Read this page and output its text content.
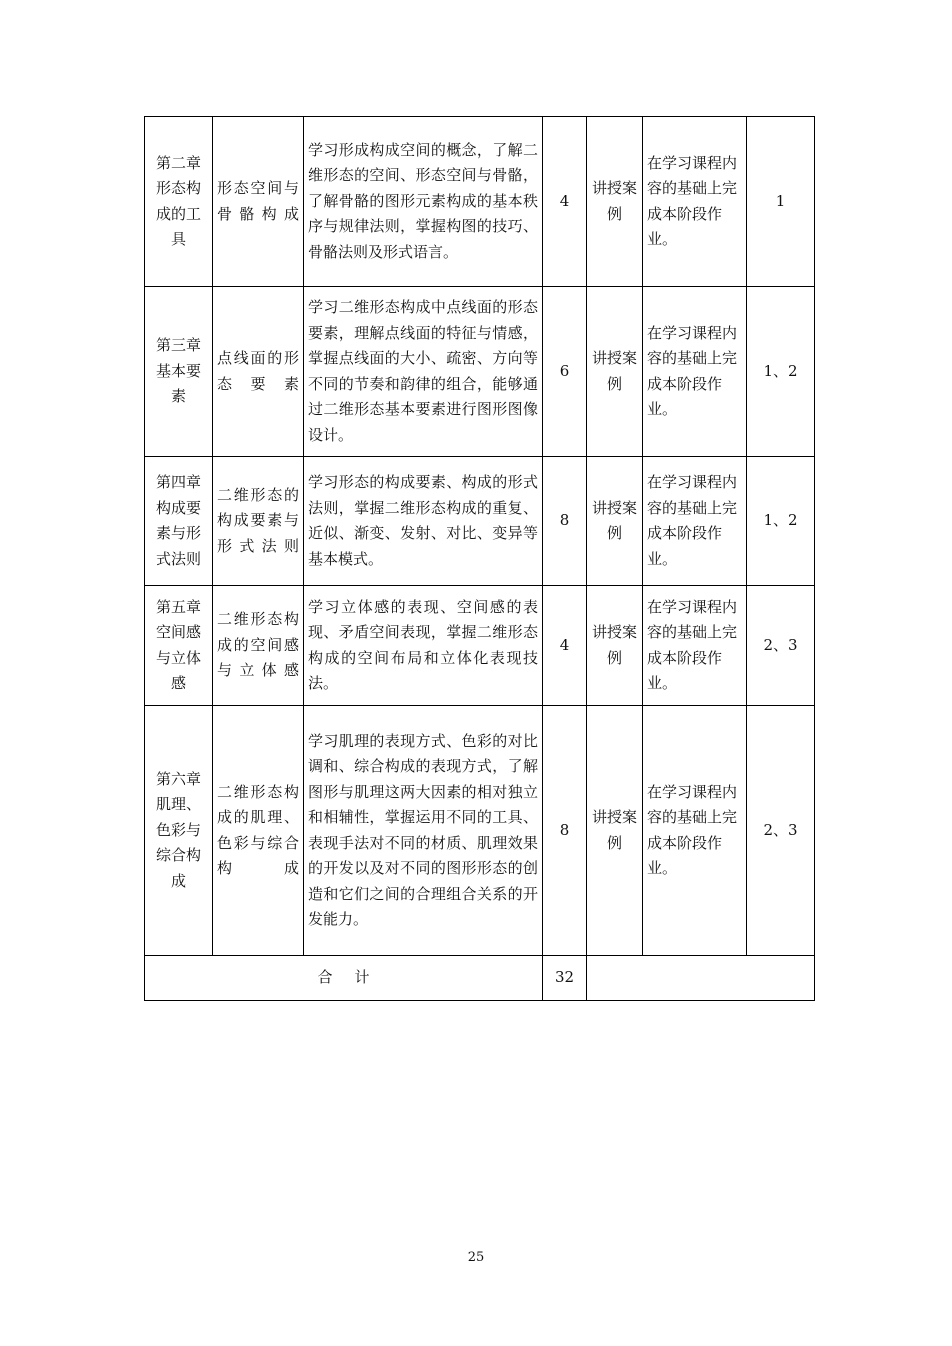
第二章形态构成的工具	形态空间与骨骼构成	学习形成构成空间的概念，了解二维形态的空间、形态空间与骨骼，了解骨骼的图形元素构成的基本秩序与规律法则，掌握构图的技巧、骨骼法则及形式语言。	4	讲授案例	在学习课程内容的基础上完成本阶段作业。	1
第三章基本要素	点线面的形态要素	学习二维形态构成中点线面的形态要素，理解点线面的特征与情感，掌握点线面的大小、疏密、方向等不同的节奏和韵律的组合，能够通过二维形态基本要素进行图形图像设计。	6	讲授案例	在学习课程内容的基础上完成本阶段作业。	1、2
第四章构成要素与形式法则	二维形态的构成要素与形式法则	学习形态的构成要素、构成的形式法则，掌握二维形态构成的重复、近似、渐变、发射、对比、变异等基本模式。	8	讲授案例	在学习课程内容的基础上完成本阶段作业。	1、2
第五章空间感与立体感	二维形态构成的空间感与立体感	学习立体感的表现、空间感的表现、矛盾空间表现，掌握二维形态构成的空间布局和立体化表现技法。	4	讲授案例	在学习课程内容的基础上完成本阶段作业。	2、3
第六章肌理、色彩与综合构成	二维形态构成的肌理、色彩与综合构成	学习肌理的表现方式、色彩的对比调和、综合构成的表现方式，了解图形与肌理这两大因素的相对独立和相辅性，掌握运用不同的工具、表现手法对不同的材质、肌理效果的开发以及对不同的图形形态的创造和它们之间的合理组合关系的开发能力。	8	讲授案例	在学习课程内容的基础上完成本阶段作业。	2、3
合 计			32			
25
